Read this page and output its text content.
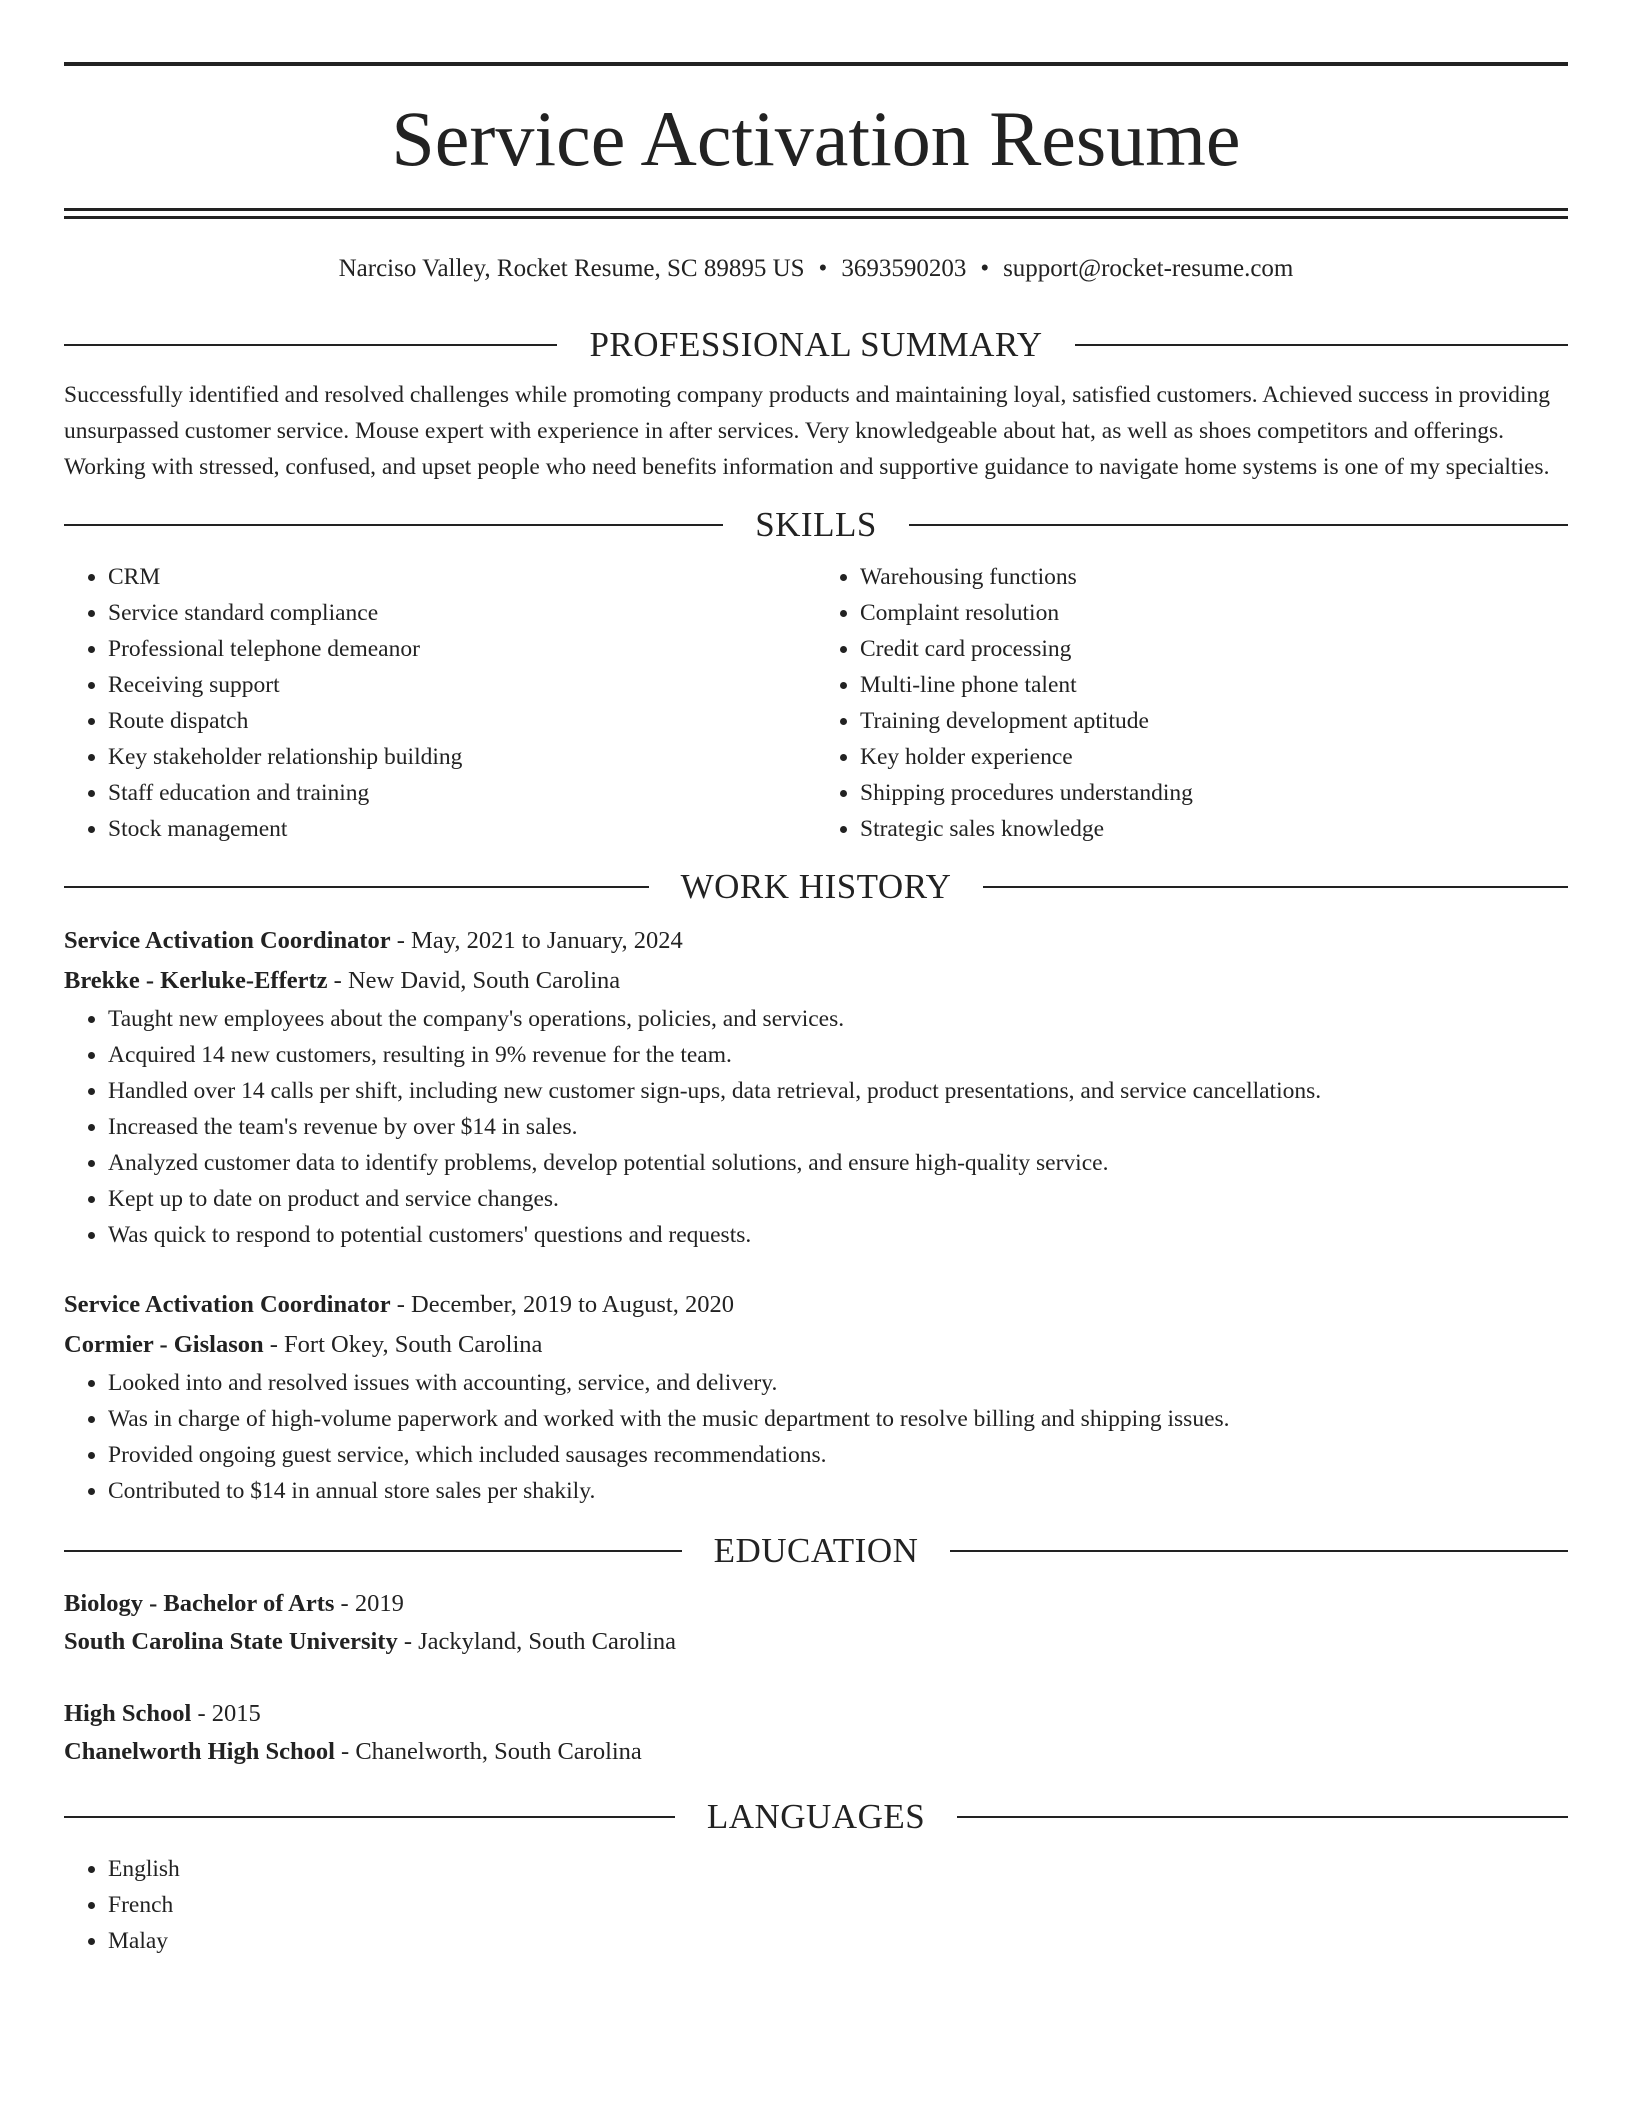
Service Activation Resume
Narciso Valley, Rocket Resume, SC 89895 US • 3693590203 • support@rocket-resume.com
PROFESSIONAL SUMMARY

Successfully identified and resolved challenges while promoting company products and maintaining loyal, satisfied customers. Achieved success in providing unsurpassed customer service. Mouse expert with experience in after services. Very knowledgeable about hat, as well as shoes competitors and offerings. Working with stressed, confused, and upset people who need benefits information and supportive guidance to navigate home systems is one of my specialties.

SKILLS
• CRM
• Service standard compliance
• Professional telephone demeanor
• Receiving support
• Route dispatch
• Key stakeholder relationship building
• Staff education and training
• Stock management
• Warehousing functions
• Complaint resolution
• Credit card processing
• Multi-line phone talent
• Training development aptitude
• Key holder experience
• Shipping procedures understanding
• Strategic sales knowledge
WORK HISTORY
Service Activation Coordinator - May, 2021 to January, 2024
Brekke - Kerluke-Effertz - New David, South Carolina
• Taught new employees about the company's operations, policies, and services.
• Acquired 14 new customers, resulting in 9% revenue for the team.
• Handled over 14 calls per shift, including new customer sign-ups, data retrieval, product presentations, and service cancellations.
• Increased the team's revenue by over $14 in sales.
• Analyzed customer data to identify problems, develop potential solutions, and ensure high-quality service.
• Kept up to date on product and service changes.
• Was quick to respond to potential customers' questions and requests.
Service Activation Coordinator - December, 2019 to August, 2020
Cormier - Gislason - Fort Okey, South Carolina
• Looked into and resolved issues with accounting, service, and delivery.
• Was in charge of high-volume paperwork and worked with the music department to resolve billing and shipping issues.
• Provided ongoing guest service, which included sausages recommendations.
• Contributed to $14 in annual store sales per shakily.
EDUCATION
Biology - Bachelor of Arts - 2019
South Carolina State University - Jackyland, South Carolina
High School - 2015
Chanelworth High School - Chanelworth, South Carolina
LANGUAGES
• English
• French
• Malay
